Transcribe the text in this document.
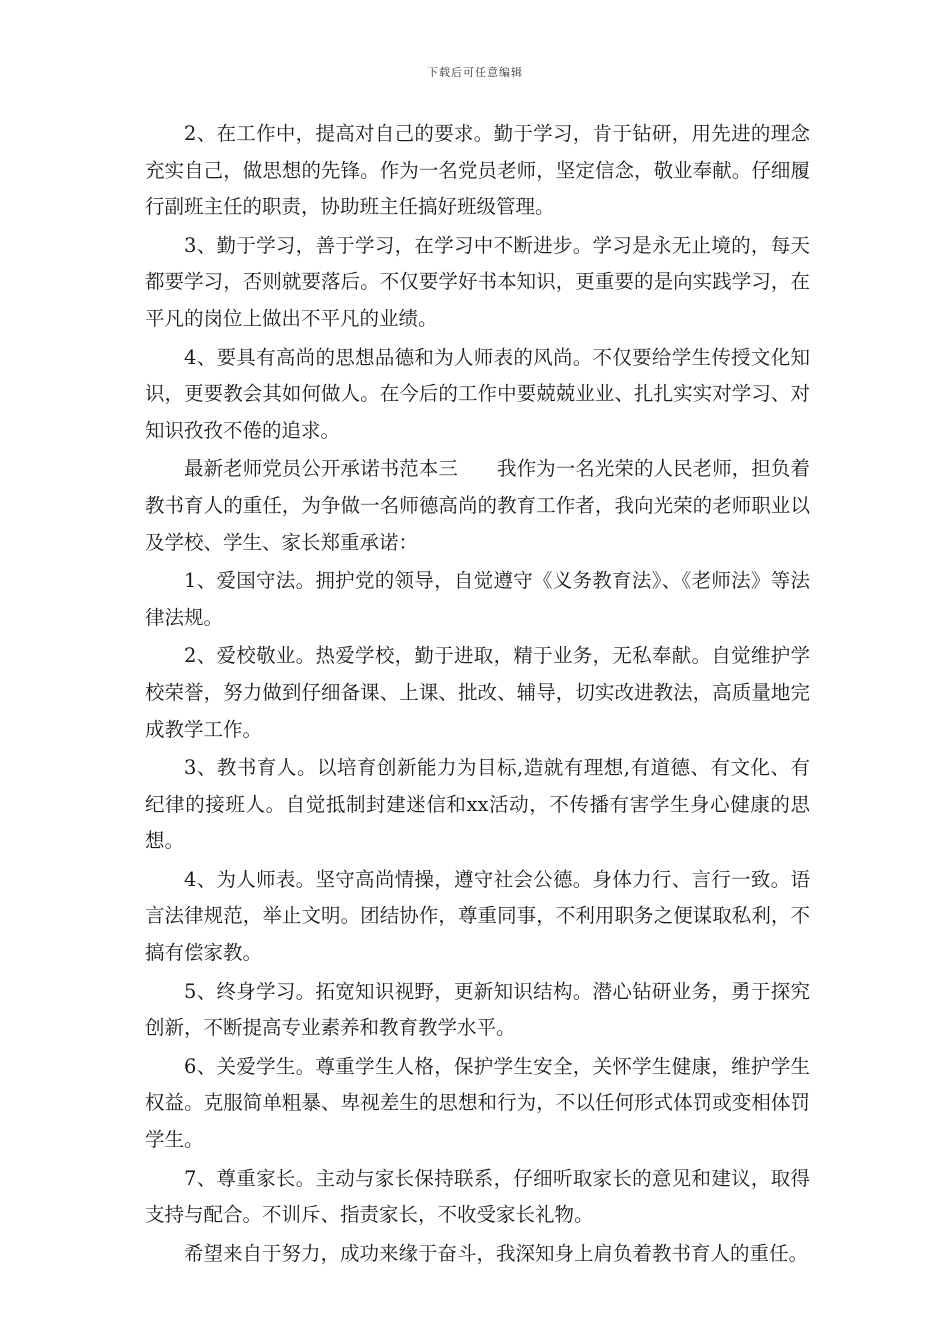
下载后可任意编辑

2、在工作中，提高对自己的要求。勤于学习，肯于钻研，用先进的理念充实自己，做思想的先锋。作为一名党员老师，坚定信念，敬业奉献。仔细履行副班主任的职责，协助班主任搞好班级管理。

3、勤于学习，善于学习，在学习中不断进步。学习是永无止境的，每天都要学习，否则就要落后。不仅要学好书本知识，更重要的是向实践学习，在平凡的岗位上做出不平凡的业绩。

4、要具有高尚的思想品德和为人师表的风尚。不仅要给学生传授文化知识，更要教会其如何做人。在今后的工作中要兢兢业业、扎扎实实对学习、对知识孜孜不倦的追求。

最新老师党员公开承诺书范本三　　我作为一名光荣的人民老师，担负着教书育人的重任，为争做一名师德高尚的教育工作者，我向光荣的老师职业以及学校、学生、家长郑重承诺：

1、爱国守法。拥护党的领导，自觉遵守《义务教育法》、《老师法》等法律法规。

2、爱校敬业。热爱学校，勤于进取，精于业务，无私奉献。自觉维护学校荣誉，努力做到仔细备课、上课、批改、辅导，切实改进教法，高质量地完成教学工作。

3、教书育人。以培育创新能力为目标,造就有理想,有道德、有文化、有纪律的接班人。自觉抵制封建迷信和xx活动，不传播有害学生身心健康的思想。

4、为人师表。坚守高尚情操，遵守社会公德。身体力行、言行一致。语言法律规范，举止文明。团结协作，尊重同事，不利用职务之便谋取私利，不搞有偿家教。

5、终身学习。拓宽知识视野，更新知识结构。潜心钻研业务，勇于探究创新，不断提高专业素养和教育教学水平。

6、关爱学生。尊重学生人格，保护学生安全，关怀学生健康，维护学生权益。克服简单粗暴、卑视差生的思想和行为，不以任何形式体罚或变相体罚学生。

7、尊重家长。主动与家长保持联系，仔细听取家长的意见和建议，取得支持与配合。不训斥、指责家长，不收受家长礼物。

希望来自于努力，成功来缘于奋斗，我深知身上肩负着教书育人的重任。
